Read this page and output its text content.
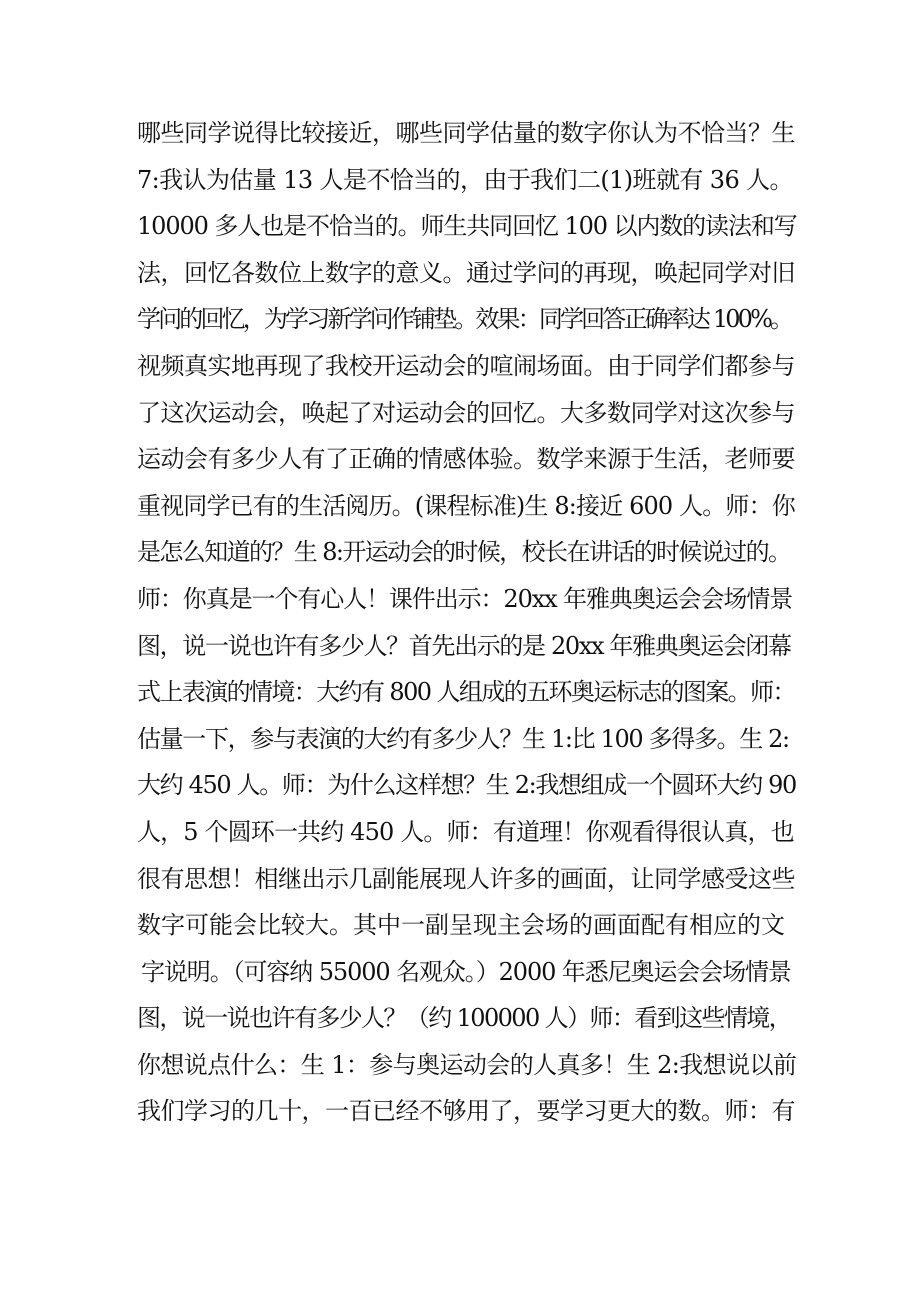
哪些同学说得比较接近，哪些同学估量的数字你认为不恰当？生
7:我认为估量 13 人是不恰当的，由于我们二(1)班就有 36 人。
10000 多人也是不恰当的。师生共同回忆 100 以内数的读法和写
法，回忆各数位上数字的意义。通过学问的再现，唤起同学对旧
学问的回忆，为学习新学问作铺垫。效果：同学回答正确率达 100%。
视频真实地再现了我校开运动会的喧闹场面。由于同学们都参与
了这次运动会，唤起了对运动会的回忆。大多数同学对这次参与
运动会有多少人有了正确的情感体验。数学来源于生活，老师要
重视同学已有的生活阅历。(课程标准)生 8:接近 600 人。师：你
是怎么知道的？生 8:开运动会的时候，校长在讲话的时候说过的。
师：你真是一个有心人！课件出示：20xx 年雅典奥运会会场情景
图，说一说也许有多少人？首先出示的是 20xx 年雅典奥运会闭幕
式上表演的情境：大约有 800 人组成的五环奥运标志的图案。师：
估量一下，参与表演的大约有多少人？生 1:比 100 多得多。生 2:
大约 450 人。师：为什么这样想？生 2:我想组成一个圆环大约 90
人，5 个圆环一共约 450 人。师：有道理！你观看得很认真，也
很有思想！相继出示几副能展现人许多的画面，让同学感受这些
数字可能会比较大。其中一副呈现主会场的画面配有相应的文
字说明。（可容纳 55000 名观众。）2000 年悉尼奥运会会场情景
图，说一说也许有多少人？（约 100000 人）师：看到这些情境，
你想说点什么：生 1：参与奥运动会的人真多！生 2:我想说以前
我们学习的几十，一百已经不够用了，要学习更大的数。师：有
